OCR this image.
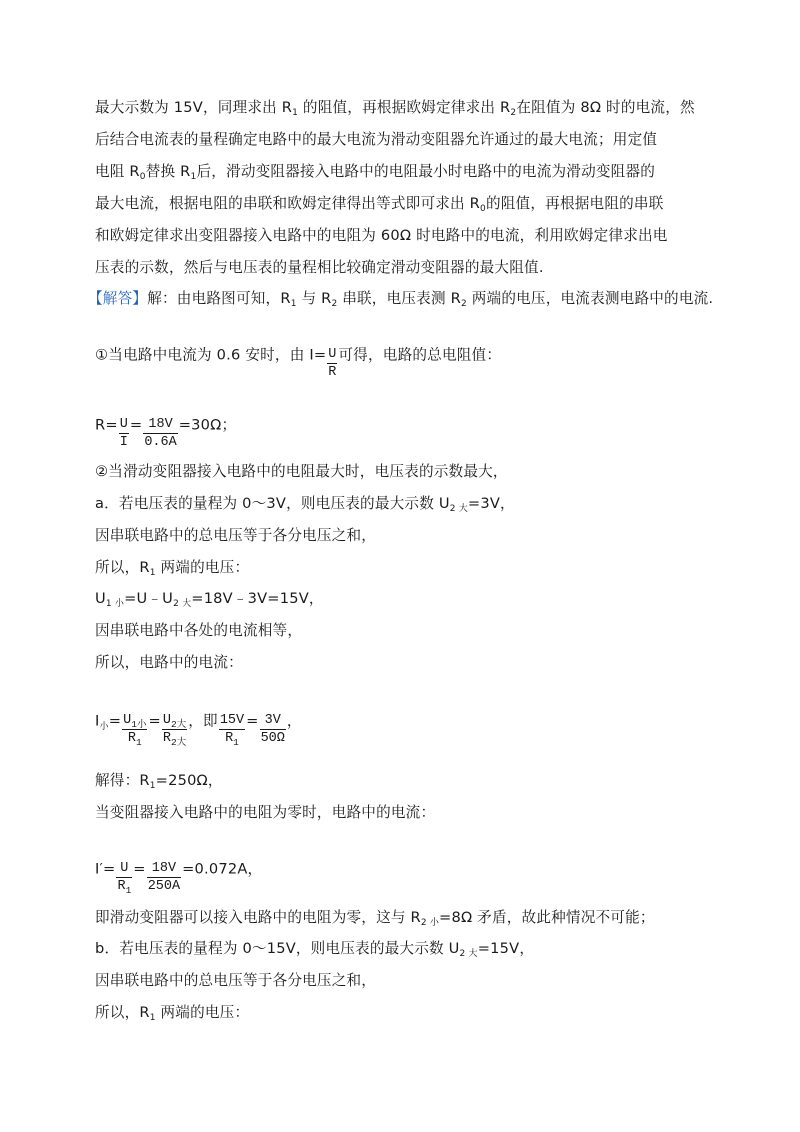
最大示数为 15V，同理求出 $R_1$ 的阻值，再根据欧姆定律求出 $R_2$在阻值为 8Ω 时的电流，然
后结合电流表的量程确定电路中的最大电流为滑动变阻器允许通过的最大电流；用定值
电阻 $R_0$替换 $R_1$后，滑动变阻器接入电路中的电阻最小时电路中的电流为滑动变阻器的
最大电流，根据电阻的串联和欧姆定律得出等式即可求出 $R_0$的阻值，再根据电阻的串联
和欧姆定律求出变阻器接入电路中的电阻为 60Ω 时电路中的电流，利用欧姆定律求出电
压表的示数，然后与电压表的量程相比较确定滑动变阻器的最大阻值.
【解答】解：由电路图可知，$R_1$ 与 $R_2$ 串联，电压表测 $R_2$ 两端的电压，电流表测电路中的电流.
①当电路中电流为 0.6 安时，由 $I= \frac{U}{R}$ 可得，电路的总电阻值：
$R= \frac{U}{I} = \frac{18V}{0.6A} =30\Omega$；
②当滑动变阻器接入电路中的电阻最大时，电压表的示数最大，
a．若电压表的量程为 0～3V，则电压表的最大示数 $U_{2 大}=3V$，
因串联电路中的总电压等于各分电压之和，
所以，$R_1$ 两端的电压：
$U_{1 小}=U﹣U_{2 大}=18V﹣3V=15V$，
因串联电路中各处的电流相等，
所以，电路中的电流：
$I_小= \frac{U_{1小}}{R_1} = \frac{U_{2大}}{R_{2大}}$ ，即 $\frac{15V}{R_1} = \frac{3V}{50\Omega}$ ，
解得：$R_1=250\Omega$，
当变阻器接入电路中的电阻为零时，电路中的电流：
$I'= \frac{U}{R_1} = \frac{18V}{250A} =0.072A$，
即滑动变阻器可以接入电路中的电阻为零，这与 $R_{2 小}=8\Omega$ 矛盾，故此种情况不可能；
b．若电压表的量程为 0～15V，则电压表的最大示数 $U_{2 大}=15V$，
因串联电路中的总电压等于各分电压之和，
所以，$R_1$ 两端的电压：
